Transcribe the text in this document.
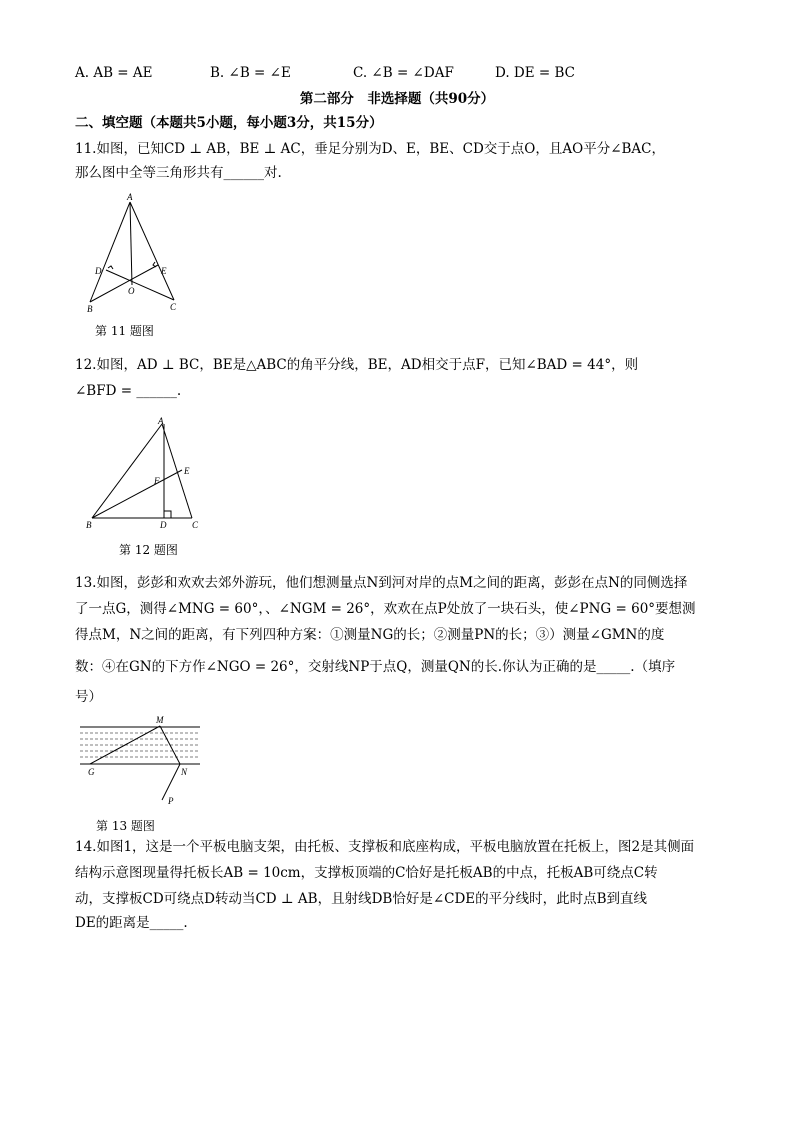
A. AB = AE	B. ∠B = ∠E	C. ∠B = ∠DAF	D. DE = BC
第二部分　非选择题（共90分）
二、填空题（本题共5小题，每小题3分，共15分）
11.如图，已知CD ⊥ AB，BE ⊥ AC，垂足分别为D、E，BE、CD交于点O，且AO平分∠BAC，
那么图中全等三角形共有______对.
A
D	E
O
B	C
第 11 题图
12.如图，AD ⊥ BC，BE是△ABC的角平分线，BE，AD相交于点F，已知∠BAD = 44°，则
∠BFD = ______.
A
E
F
B	D	C
第 12 题图
13.如图，彭彭和欢欢去郊外游玩，他们想测量点N到河对岸的点M之间的距离，彭彭在点N的同侧选择
了一点G，测得∠MNG = 60°，、∠NGM = 26°，欢欢在点P处放了一块石头，使∠PNG = 60°要想测
得点M，N之间的距离，有下列四种方案：①测量NG的长；②测量PN的长；③）测量∠GMN的度
数：④在GN的下方作∠NGO = 26°，交射线NP于点Q，测量QN的长.你认为正确的是_____.（填序
号）
M
G	N
P
第 13 题图
14.如图1，这是一个平板电脑支架，由托板、支撑板和底座构成，平板电脑放置在托板上，图2是其侧面
结构示意图现量得托板长AB = 10cm，支撑板顶端的C恰好是托板AB的中点，托板AB可绕点C转
动，支撑板CD可绕点D转动当CD ⊥ AB，且射线DB恰好是∠CDE的平分线时，此时点B到直线
DE的距离是_____.
